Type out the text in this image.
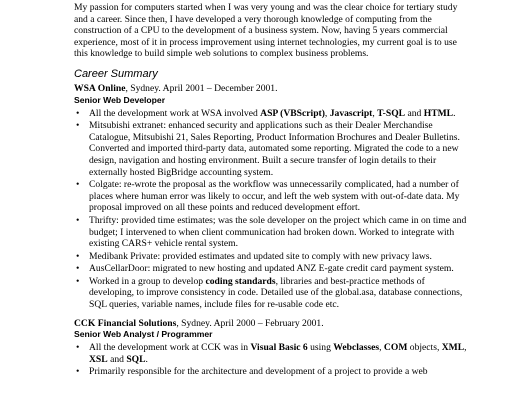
My passion for computers started when I was very young and was the clear choice for tertiary study and a career. Since then, I have developed a very thorough knowledge of computing from the construction of a CPU to the development of a business system. Now, having 5 years commercial experience, most of it in process improvement using internet technologies, my current goal is to use this knowledge to build simple web solutions to complex business problems.

Career Summary

WSA Online, Sydney. April 2001 – December 2001.

Senior Web Developer

• All the development work at WSA involved ASP (VBScript), Javascript, T-SQL and HTML.
• Mitsubishi extranet: enhanced security and applications such as their Dealer Merchandise Catalogue, Mitsubishi 21, Sales Reporting, Product Information Brochures and Dealer Bulletins. Converted and imported third-party data, automated some reporting. Migrated the code to a new design, navigation and hosting environment. Built a secure transfer of login details to their externally hosted BigBridge accounting system.
• Colgate: re-wrote the proposal as the workflow was unnecessarily complicated, had a number of places where human error was likely to occur, and left the web system with out-of-date data. My proposal improved on all these points and reduced development effort.
• Thrifty: provided time estimates; was the sole developer on the project which came in on time and budget; I intervened to when client communication had broken down. Worked to integrate with existing CARS+ vehicle rental system.
• Medibank Private: provided estimates and updated site to comply with new privacy laws.
• AusCellarDoor: migrated to new hosting and updated ANZ E-gate credit card payment system.
• Worked in a group to develop coding standards, libraries and best-practice methods of developing, to improve consistency in code. Detailed use of the global.asa, database connections, SQL queries, variable names, include files for re-usable code etc.

CCK Financial Solutions, Sydney. April 2000 – February 2001.

Senior Web Analyst / Programmer

• All the development work at CCK was in Visual Basic 6 using Webclasses, COM objects, XML, XSL and SQL.
• Primarily responsible for the architecture and development of a project to provide a web
